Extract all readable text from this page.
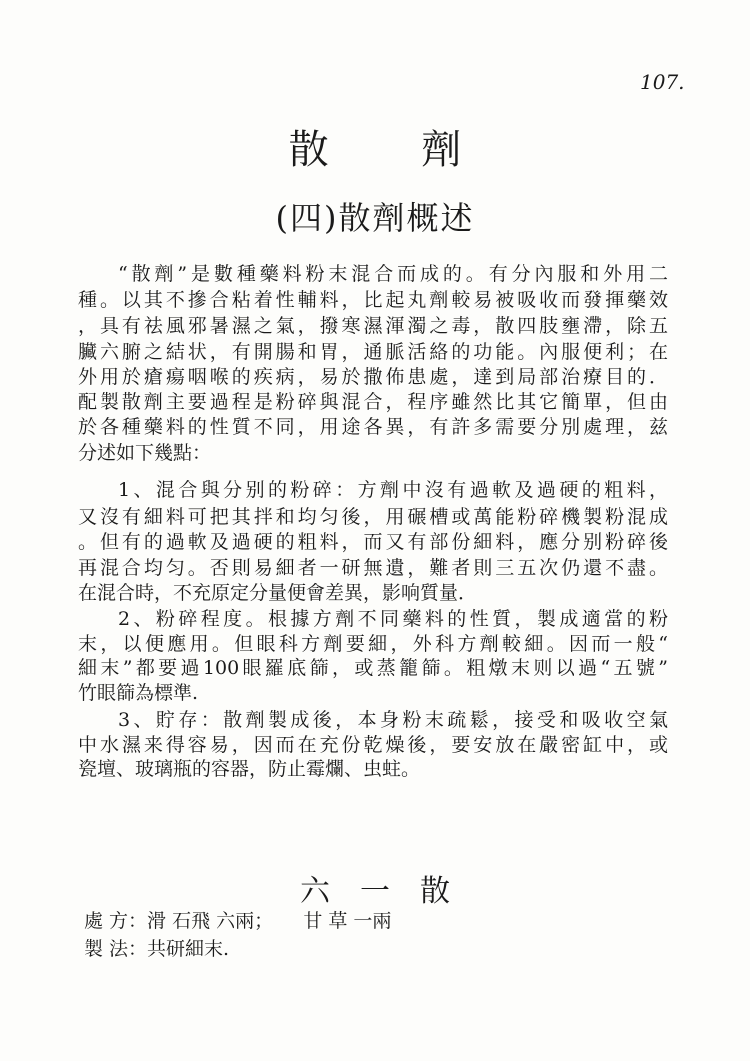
107.
散 劑
(四)散劑概述
“散劑”是數種藥料粉末混合而成的。有分內服和外用二
種。以其不摻合粘着性輔料，比起丸劑較易被吸收而發揮藥效
，具有祛風邪暑濕之氣，撥寒濕渾濁之毒，散四肢壅滯，除五
臟六腑之結状，有開腸和胃，通脈活絡的功能。內服便利；在
外用於瘡瘍咽喉的疾病，易於撒佈患處，達到局部治療目的．
配製散劑主要過程是粉碎與混合，程序雖然比其它簡單，但由
於各種藥料的性質不同，用途各異，有許多需要分別處理，兹
分述如下幾點：
1、混合與分别的粉碎：方劑中沒有過軟及過硬的粗料，
又沒有細料可把其拌和均匀後，用碾槽或萬能粉碎機製粉混成
。但有的過軟及過硬的粗料，而又有部份細料，應分别粉碎後
再混合均匀。否則易細者一研無遺，難者則三五次仍還不盡。
在混合時，不充原定分量便會差異，影响質量．
2、粉碎程度。根據方劑不同藥料的性質，製成適當的粉
末，以便應用。但眼科方劑要細，外科方劑較細。因而一般“
細末”都要過100眼羅底篩，或蒸籠篩。粗燉末则以過“五號”
竹眼篩為標準.
3、貯存：散劑製成後，本身粉末疏鬆，接受和吸收空氣
中水濕来得容易，因而在充份乾燥後，要安放在嚴密缸中，或
瓷壇、玻璃瓶的容器，防止霉爛、虫蛀。
六一散
處 方：滑 石飛 六兩；     甘 草 一兩
製 法：共研細末.
